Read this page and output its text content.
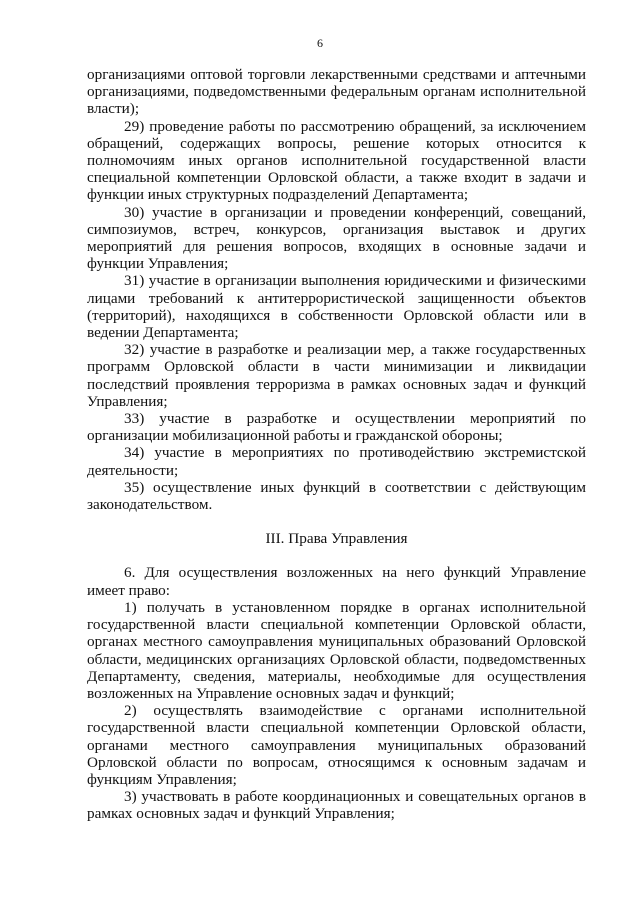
6

организациями оптовой торговли лекарственными средствами и аптечными организациями, подведомственными федеральным органам исполнительной власти);

29) проведение работы по рассмотрению обращений, за исключением обращений, содержащих вопросы, решение которых относится к полномочиям иных органов исполнительной государственной власти специальной компетенции Орловской области, а также входит в задачи и функции иных структурных подразделений Департамента;

30) участие в организации и проведении конференций, совещаний, симпозиумов, встреч, конкурсов, организация выставок и других мероприятий для решения вопросов, входящих в основные задачи и функции Управления;

31) участие в организации выполнения юридическими и физическими лицами требований к антитеррористической защищенности объектов (территорий), находящихся в собственности Орловской области или в ведении Департамента;

32) участие в разработке и реализации мер, а также государственных программ Орловской области в части минимизации и ликвидации последствий проявления терроризма в рамках основных задач и функций Управления;

33) участие в разработке и осуществлении мероприятий по организации мобилизационной работы и гражданской обороны;

34) участие в мероприятиях по противодействию экстремистской деятельности;

35) осуществление иных функций в соответствии с действующим законодательством.

III. Права Управления

6. Для осуществления возложенных на него функций Управление имеет право:

1) получать в установленном порядке в органах исполнительной государственной власти специальной компетенции Орловской области, органах местного самоуправления муниципальных образований Орловской области, медицинских организациях Орловской области, подведомственных Департаменту, сведения, материалы, необходимые для осуществления возложенных на Управление основных задач и функций;

2) осуществлять взаимодействие с органами исполнительной государственной власти специальной компетенции Орловской области, органами местного самоуправления муниципальных образований Орловской области по вопросам, относящимся к основным задачам и функциям Управления;

3) участвовать в работе координационных и совещательных органов в рамках основных задач и функций Управления;
